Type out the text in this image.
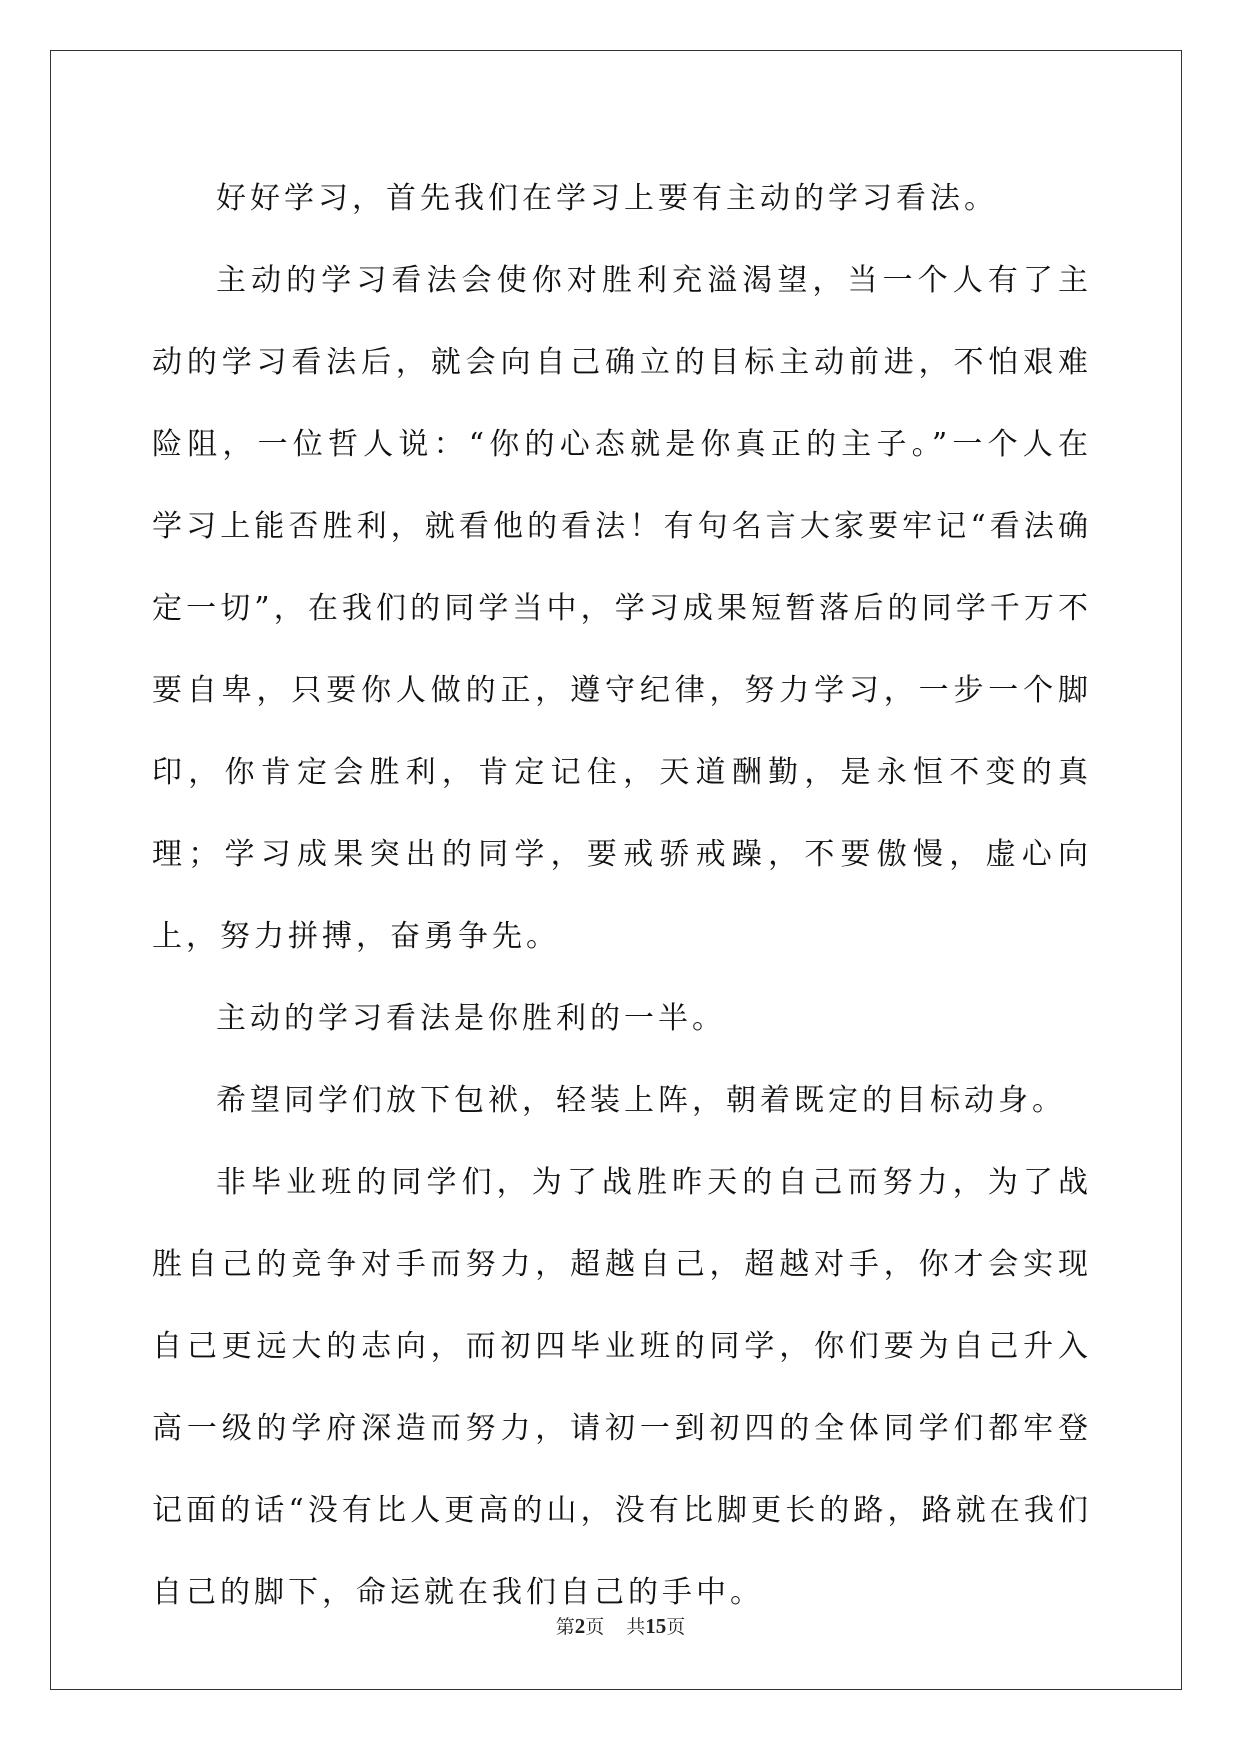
好好学习，首先我们在学习上要有主动的学习看法。

主动的学习看法会使你对胜利充溢渴望，当一个人有了主动的学习看法后，就会向自己确立的目标主动前进，不怕艰难险阻，一位哲人说：“你的心态就是你真正的主子。”一个人在学习上能否胜利，就看他的看法！有句名言大家要牢记“看法确定一切”，在我们的同学当中，学习成果短暂落后的同学千万不要自卑，只要你人做的正，遵守纪律，努力学习，一步一个脚印，你肯定会胜利，肯定记住，天道酬勤，是永恒不变的真理；学习成果突出的同学，要戒骄戒躁，不要傲慢，虚心向上，努力拼搏，奋勇争先。

主动的学习看法是你胜利的一半。

希望同学们放下包袱，轻装上阵，朝着既定的目标动身。

非毕业班的同学们，为了战胜昨天的自己而努力，为了战胜自己的竞争对手而努力，超越自己，超越对手，你才会实现自己更远大的志向，而初四毕业班的同学，你们要为自己升入高一级的学府深造而努力，请初一到初四的全体同学们都牢登记面的话“没有比人更高的山，没有比脚更长的路，路就在我们自己的脚下，命运就在我们自己的手中。

第2页 共15页
